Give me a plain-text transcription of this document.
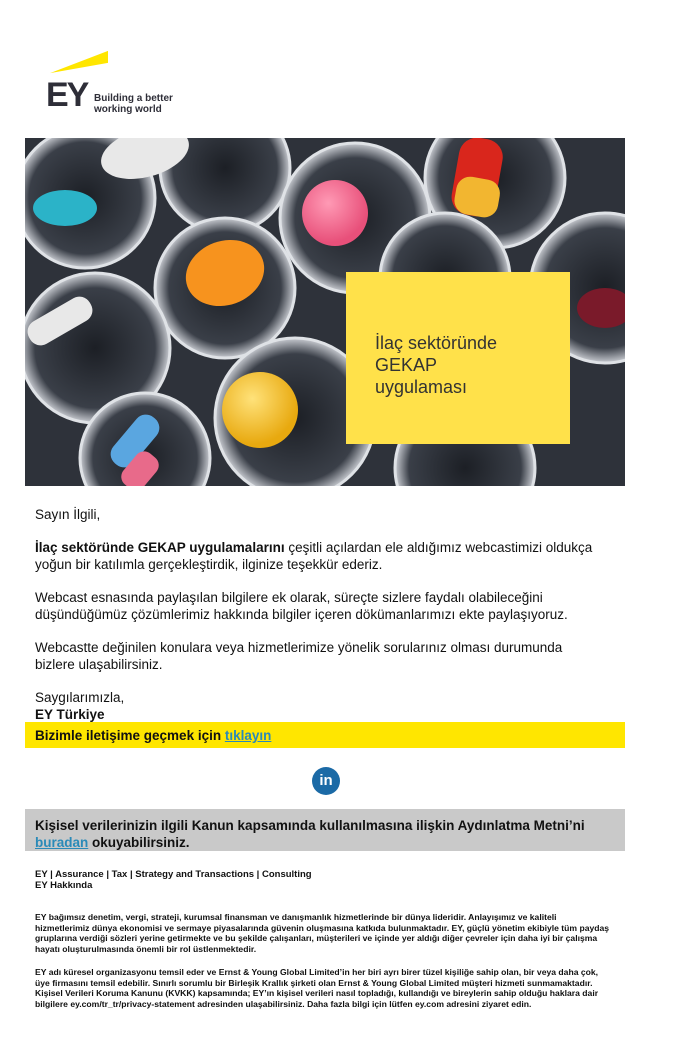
EY Building a better
working world
İlaç sektöründe
GEKAP
uygulaması

Sayın İlgili,

İlaç sektöründe GEKAP uygulamalarını çeşitli açılardan ele aldığımız webcastimizi oldukça yoğun bir katılımla gerçekleştirdik, ilginize teşekkür ederiz.

Webcast esnasında paylaşılan bilgilere ek olarak, süreçte sizlere faydalı olabileceğini düşündüğümüz çözümlerimiz hakkında bilgiler içeren dökümanlarımızı ekte paylaşıyoruz.

Webcastte değinilen konulara veya hizmetlerimize yönelik sorularınız olması durumunda bizlere ulaşabilirsiniz.

Saygılarımızla,
EY Türkiye

Bizimle iletişime geçmek için tıklayın
in
Kişisel verilerinizin ilgili Kanun kapsamında kullanılmasına ilişkin Aydınlatma Metni’ni buradan okuyabilirsiniz.
EY | Assurance | Tax | Strategy and Transactions | Consulting
EY Hakkında
EY bağımsız denetim, vergi, strateji, kurumsal finansman ve danışmanlık hizmetlerinde bir dünya lideridir. Anlayışımız ve kaliteli hizmetlerimiz dünya ekonomisi ve sermaye piyasalarında güvenin oluşmasına katkıda bulunmaktadır. EY, güçlü yönetim ekibiyle tüm paydaş gruplarına verdiği sözleri yerine getirmekte ve bu şekilde çalışanları, müşterileri ve içinde yer aldığı diğer çevreler için daha iyi bir çalışma hayatı oluşturulmasında önemli bir rol üstlenmektedir.
EY adı küresel organizasyonu temsil eder ve Ernst & Young Global Limited’in her biri ayrı birer tüzel kişiliğe sahip olan, bir veya daha çok, üye firmasını temsil edebilir. Sınırlı sorumlu bir Birleşik Krallık şirketi olan Ernst & Young Global Limited müşteri hizmeti sunmamaktadır. Kişisel Verileri Koruma Kanunu (KVKK) kapsamında; EY’ın kişisel verileri nasıl topladığı, kullandığı ve bireylerin sahip olduğu haklara dair bilgilere ey.com/tr_tr/privacy-statement adresinden ulaşabilirsiniz. Daha fazla bilgi için lütfen ey.com adresini ziyaret edin.
